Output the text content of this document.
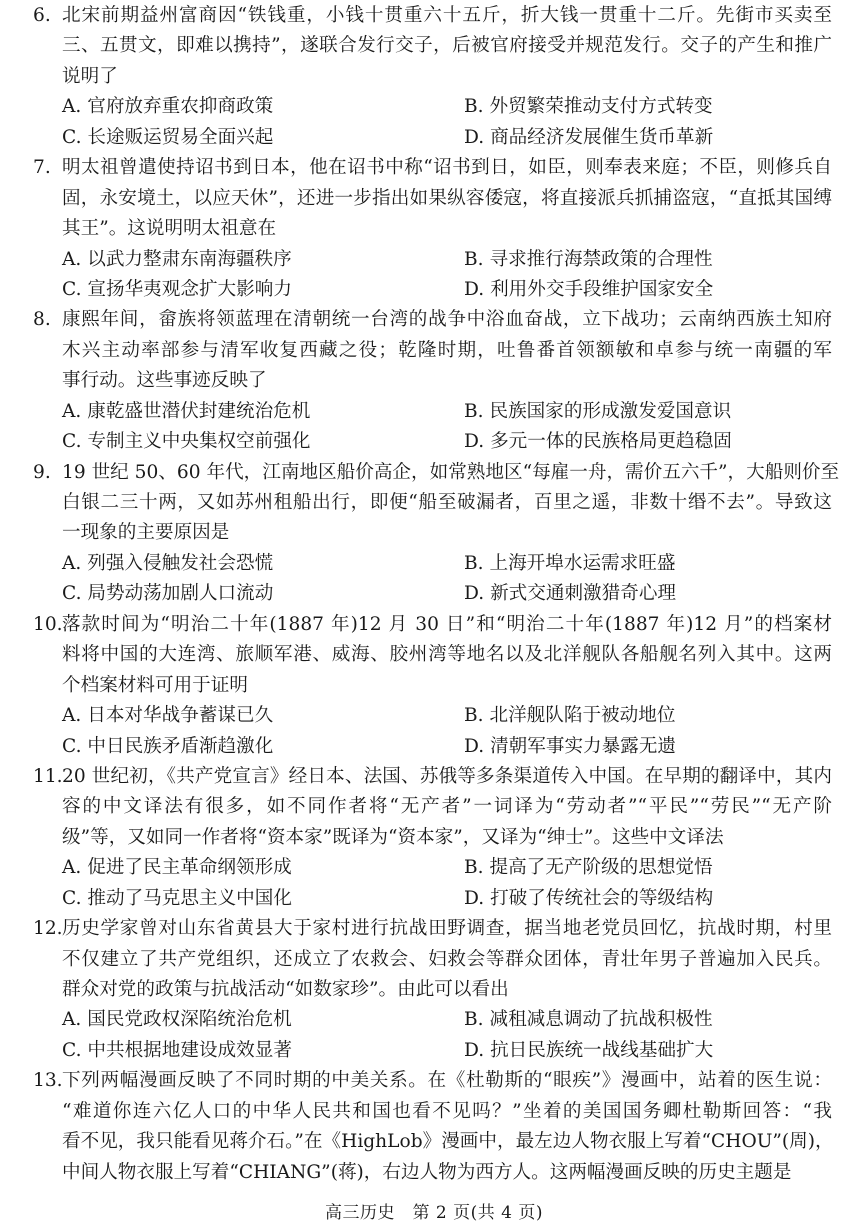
6. 北宋前期益州富商因“铁钱重，小钱十贯重六十五斤，折大钱一贯重十二斤。先街市买卖至
三、五贯文，即难以携持”，遂联合发行交子，后被官府接受并规范发行。交子的产生和推广
说明了
A. 官府放弃重农抑商政策	B. 外贸繁荣推动支付方式转变
C. 长途贩运贸易全面兴起	D. 商品经济发展催生货币革新
7. 明太祖曾遣使持诏书到日本，他在诏书中称“诏书到日，如臣，则奉表来庭；不臣，则修兵自
固，永安境土，以应天休”，还进一步指出如果纵容倭寇，将直接派兵抓捕盗寇，“直抵其国缚
其王”。这说明明太祖意在
A. 以武力整肃东南海疆秩序	B. 寻求推行海禁政策的合理性
C. 宣扬华夷观念扩大影响力	D. 利用外交手段维护国家安全
8. 康熙年间，畲族将领蓝理在清朝统一台湾的战争中浴血奋战，立下战功；云南纳西族土知府
木兴主动率部参与清军收复西藏之役；乾隆时期，吐鲁番首领额敏和卓参与统一南疆的军
事行动。这些事迹反映了
A. 康乾盛世潜伏封建统治危机	B. 民族国家的形成激发爱国意识
C. 专制主义中央集权空前强化	D. 多元一体的民族格局更趋稳固
9. 19 世纪 50、60 年代，江南地区船价高企，如常熟地区“每雇一舟，需价五六千”，大船则价至
白银二三十两，又如苏州租船出行，即便“船至破漏者，百里之遥，非数十缗不去”。导致这
一现象的主要原因是
A. 列强入侵触发社会恐慌	B. 上海开埠水运需求旺盛
C. 局势动荡加剧人口流动	D. 新式交通刺激猎奇心理
10. 落款时间为“明治二十年(1887 年)12 月 30 日”和“明治二十年(1887 年)12 月”的档案材
料将中国的大连湾、旅顺军港、威海、胶州湾等地名以及北洋舰队各船舰名列入其中。这两
个档案材料可用于证明
A. 日本对华战争蓄谋已久	B. 北洋舰队陷于被动地位
C. 中日民族矛盾渐趋激化	D. 清朝军事实力暴露无遗
11. 20 世纪初，《共产党宣言》经日本、法国、苏俄等多条渠道传入中国。在早期的翻译中，其内
容的中文译法有很多，如不同作者将“无产者”一词译为“劳动者”“平民”“劳民”“无产阶
级”等，又如同一作者将“资本家”既译为“资本家”，又译为“绅士”。这些中文译法
A. 促进了民主革命纲领形成	B. 提高了无产阶级的思想觉悟
C. 推动了马克思主义中国化	D. 打破了传统社会的等级结构
12. 历史学家曾对山东省黄县大于家村进行抗战田野调查，据当地老党员回忆，抗战时期，村里
不仅建立了共产党组织，还成立了农救会、妇救会等群众团体，青壮年男子普遍加入民兵。
群众对党的政策与抗战活动“如数家珍”。由此可以看出
A. 国民党政权深陷统治危机	B. 减租减息调动了抗战积极性
C. 中共根据地建设成效显著	D. 抗日民族统一战线基础扩大
13. 下列两幅漫画反映了不同时期的中美关系。在《杜勒斯的“眼疾”》漫画中，站着的医生说：
“难道你连六亿人口的中华人民共和国也看不见吗？”坐着的美国国务卿杜勒斯回答：“我
看不见，我只能看见蒋介石。”在《HighLob》漫画中，最左边人物衣服上写着“CHOU”(周)，
中间人物衣服上写着“CHIANG”(蒋)，右边人物为西方人。这两幅漫画反映的历史主题是
高三历史　第 2 页(共 4 页)
